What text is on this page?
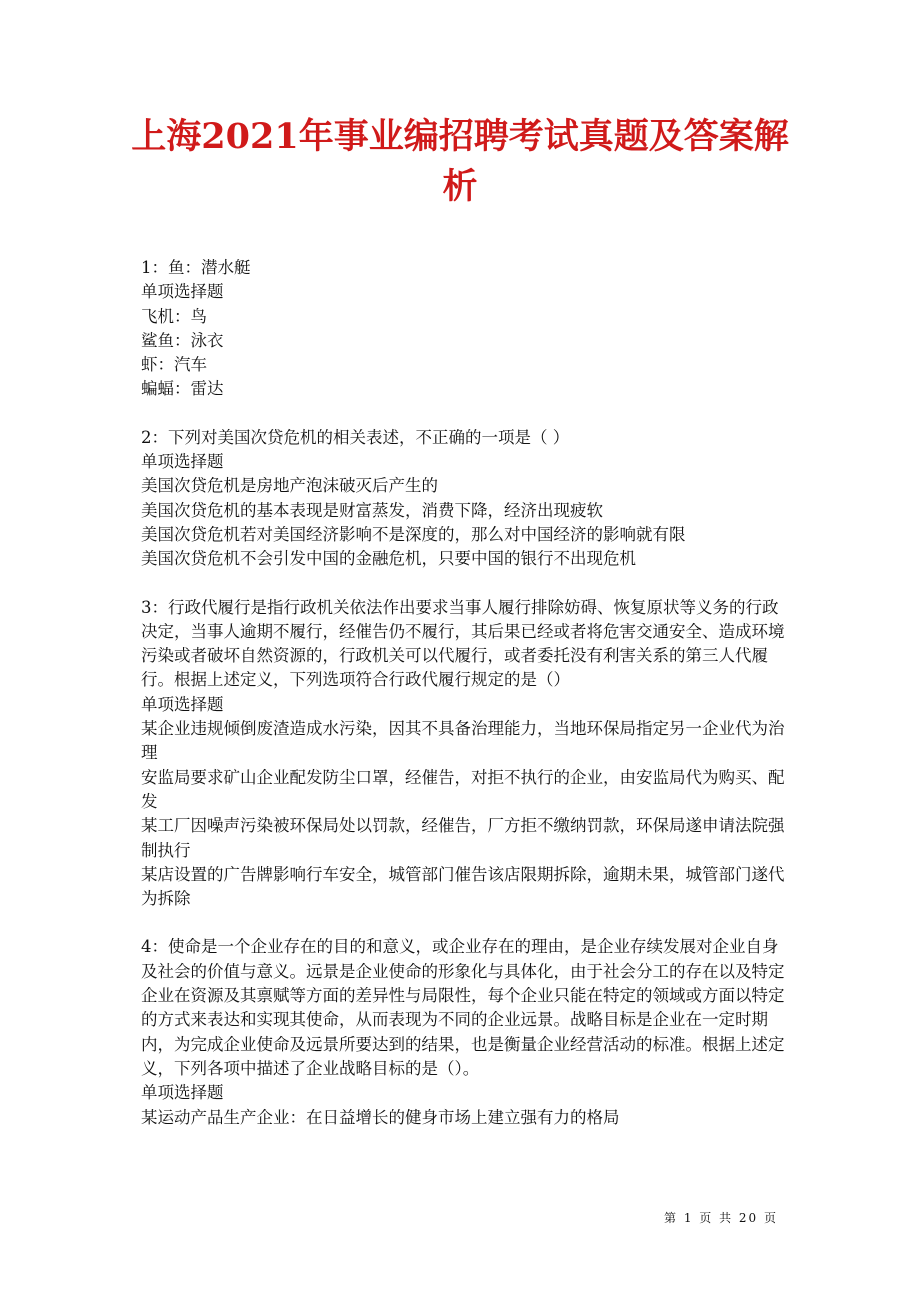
上海2021年事业编招聘考试真题及答案解析

1：鱼：潜水艇

单项选择题

飞机：鸟

鲨鱼：泳衣

虾：汽车

蝙蝠：雷达

2：下列对美国次贷危机的相关表述，不正确的一项是（ ）

单项选择题

美国次贷危机是房地产泡沫破灭后产生的

美国次贷危机的基本表现是财富蒸发，消费下降，经济出现疲软

美国次贷危机若对美国经济影响不是深度的，那么对中国经济的影响就有限

美国次贷危机不会引发中国的金融危机，只要中国的银行不出现危机

3：行政代履行是指行政机关依法作出要求当事人履行排除妨碍、恢复原状等义务的行政决定，当事人逾期不履行，经催告仍不履行，其后果已经或者将危害交通安全、造成环境污染或者破坏自然资源的，行政机关可以代履行，或者委托没有利害关系的第三人代履行。根据上述定义，下列选项符合行政代履行规定的是（）

单项选择题

某企业违规倾倒废渣造成水污染，因其不具备治理能力，当地环保局指定另一企业代为治理

安监局要求矿山企业配发防尘口罩，经催告，对拒不执行的企业，由安监局代为购买、配发

某工厂因噪声污染被环保局处以罚款，经催告，厂方拒不缴纳罚款，环保局遂申请法院强制执行

某店设置的广告牌影响行车安全，城管部门催告该店限期拆除，逾期未果，城管部门遂代为拆除

4：使命是一个企业存在的目的和意义，或企业存在的理由，是企业存续发展对企业自身及社会的价值与意义。远景是企业使命的形象化与具体化，由于社会分工的存在以及特定企业在资源及其禀赋等方面的差异性与局限性，每个企业只能在特定的领域或方面以特定的方式来表达和实现其使命，从而表现为不同的企业远景。战略目标是企业在一定时期内，为完成企业使命及远景所要达到的结果，也是衡量企业经营活动的标准。根据上述定义，下列各项中描述了企业战略目标的是（）。

单项选择题

某运动产品生产企业：在日益增长的健身市场上建立强有力的格局

第 1 页 共 20 页
